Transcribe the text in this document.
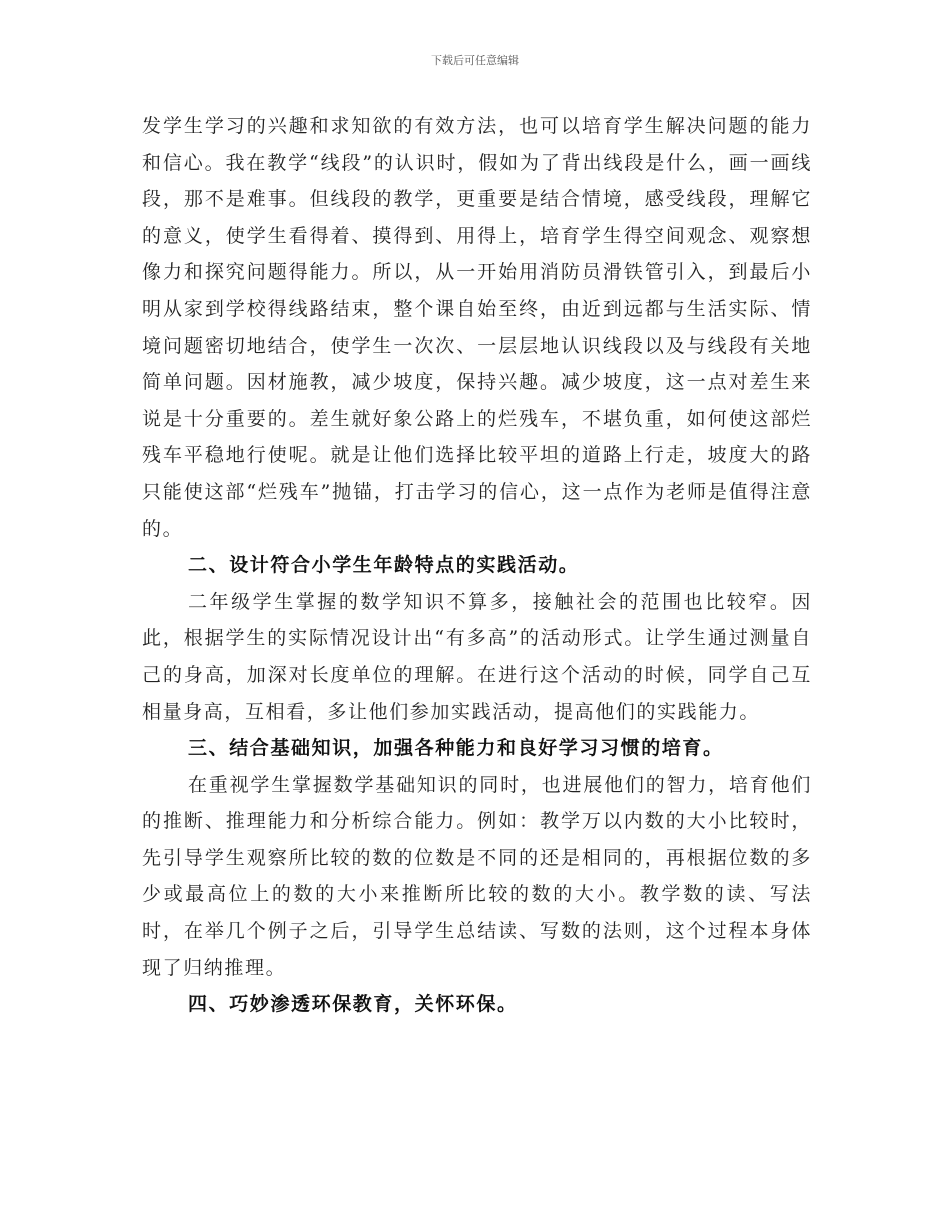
下载后可任意编辑

发学生学习的兴趣和求知欲的有效方法，也可以培育学生解决问题的能力和信心。我在教学“线段”的认识时，假如为了背出线段是什么，画一画线段，那不是难事。但线段的教学，更重要是结合情境，感受线段，理解它的意义，使学生看得着、摸得到、用得上，培育学生得空间观念、观察想像力和探究问题得能力。所以，从一开始用消防员滑铁管引入，到最后小明从家到学校得线路结束，整个课自始至终，由近到远都与生活实际、情境问题密切地结合，使学生一次次、一层层地认识线段以及与线段有关地简单问题。因材施教，减少坡度，保持兴趣。减少坡度，这一点对差生来说是十分重要的。差生就好象公路上的烂残车，不堪负重，如何使这部烂残车平稳地行使呢。就是让他们选择比较平坦的道路上行走，坡度大的路只能使这部“烂残车”抛锚，打击学习的信心，这一点作为老师是值得注意的。

二、设计符合小学生年龄特点的实践活动。

二年级学生掌握的数学知识不算多，接触社会的范围也比较窄。因此，根据学生的实际情况设计出“有多高”的活动形式。让学生通过测量自己的身高，加深对长度单位的理解。在进行这个活动的时候，同学自己互相量身高，互相看，多让他们参加实践活动，提高他们的实践能力。

三、结合基础知识，加强各种能力和良好学习习惯的培育。

在重视学生掌握数学基础知识的同时，也进展他们的智力，培育他们的推断、推理能力和分析综合能力。例如：教学万以内数的大小比较时，先引导学生观察所比较的数的位数是不同的还是相同的，再根据位数的多少或最高位上的数的大小来推断所比较的数的大小。教学数的读、写法时，在举几个例子之后，引导学生总结读、写数的法则，这个过程本身体现了归纳推理。

四、巧妙渗透环保教育，关怀环保。
